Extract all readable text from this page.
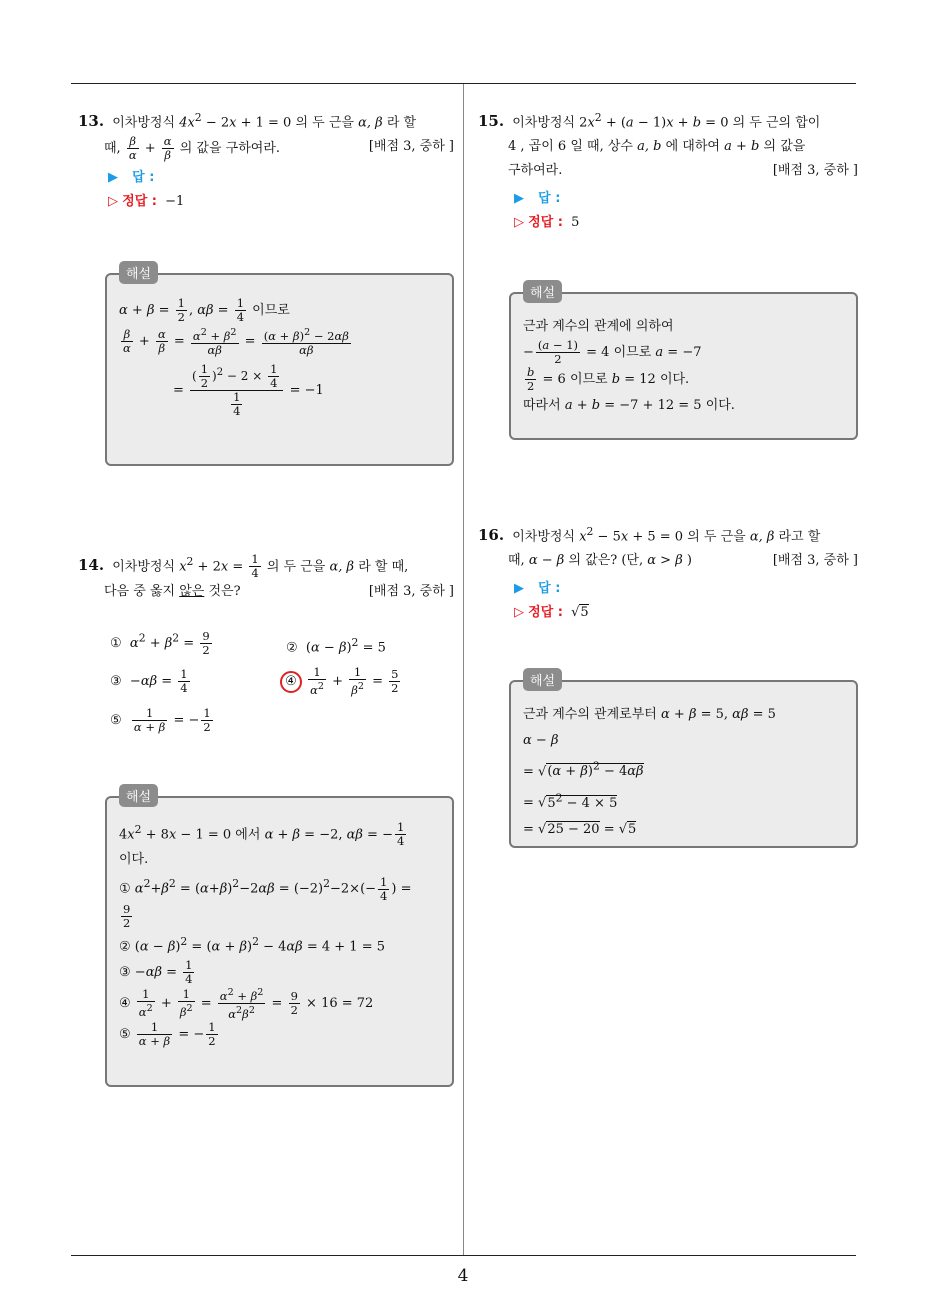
4
13. 이차방정식 $4x^2 - 2x + 1 = 0$ 의 두 근을 α, β 라 할
때, $\frac{\beta}{\alpha} + \frac{\alpha}{\beta}$ 의 값을 구하여라.	[배점 3, 중하 ]
▶ 답 :
▷ 정답 : −1
해설
$\alpha + \beta = \frac{1}{2}$ , $\alpha\beta = \frac{1}{4}$ 이므로
$\frac{\beta}{\alpha} + \frac{\alpha}{\beta} = \frac{\alpha^2 + \beta^2}{\alpha\beta} = \frac{(\alpha + \beta)^2 - 2\alpha\beta}{\alpha\beta}$
= $\frac{( \frac{1}{2} )^2 - 2 \times \frac{1}{4}}{\frac{1}{4}} = -1$
14. 이차방정식 $x^2 + 2x = \frac{1}{4}$ 의 두 근을 α, β 라 할 때,
다음 중 옳지 않은 것은?	[배점 3, 중하 ]
①  $\alpha^2 + \beta^2 = \frac{9}{2}$	②  $(\alpha - \beta)^2 = 5$
③  $-\alpha\beta = \frac{1}{4}$	④ $\frac{1}{\alpha^2} + \frac{1}{\beta^2} = \frac{5}{2}$
⑤ $\frac{1}{\alpha + \beta}$ = − $\frac{1}{2}$
해설
$4x^2 + 8x - 1 = 0$ 에서 α + β = −2, αβ = − $\frac{1}{4}$
이다.
① $\alpha^2+\beta^2 = (\alpha+\beta)^2-2\alpha\beta = (-2)^2-2\times(- \frac{1}{4}$ ) =
$\frac{9}{2}$
② $(\alpha - \beta)^2 = (\alpha + \beta)^2 - 4\alpha\beta = 4 + 1 = 5$
③ $-\alpha\beta = \frac{1}{4}$
④ $\frac{1}{\alpha^2} + \frac{1}{\beta^2} = \frac{\alpha^2 + \beta^2}{\alpha^2\beta^2} = \frac{9}{2} \times 16 = 72$
⑤ $\frac{1}{\alpha + \beta}$ = − $\frac{1}{2}$
15. 이차방정식 $2x^2 + (a - 1)x + b = 0$ 의 두 근의 합이
4 , 곱이 6 일 때, 상수 a, b 에 대하여 a + b 의 값을
구하여라.	[배점 3, 중하 ]
▶ 답 :
▷ 정답 : 5
해설
근과 계수의 관계에 의하여
− $\frac{(a - 1)}{2} = 4$ 이므로 a = −7
$\frac{b}{2} = 6$ 이므로 b = 12 이다.
따라서 a + b = −7 + 12 = 5 이다.
16. 이차방정식 $x^2 - 5x + 5 = 0$ 의 두 근을 α, β 라고 할
때, α − β 의 값은? (단, α > β )	[배점 3, 중하 ]
▶ 답 :
▷ 정답 : √5
해설
근과 계수의 관계로부터 α + β = 5, αβ = 5
α − β
= $√(\alpha + \beta)^2 - 4\alpha\beta$
= $√5^2 - 4 \times 5$
= √25 − 20 = √5
